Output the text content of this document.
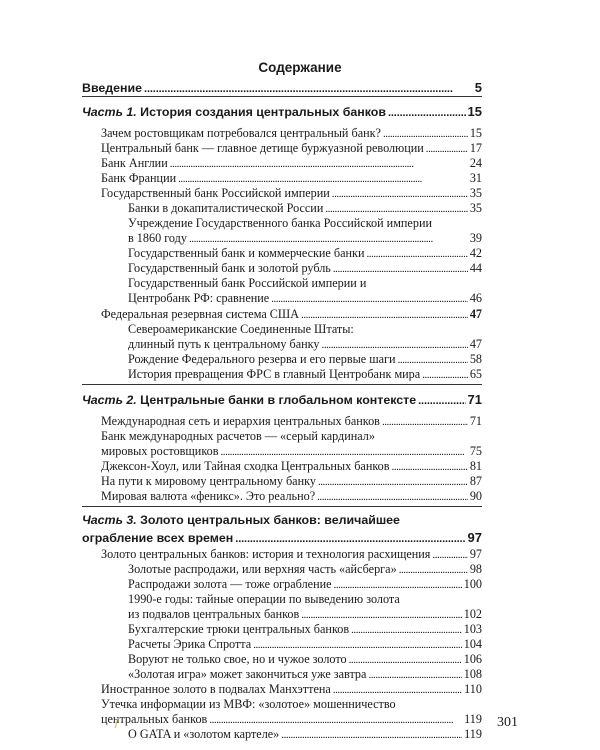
Содержание
Введение . . .	5
Часть 1. История создания центральных банков . . .	15
Зачем ростовщикам потребовался центральный банк? . . .	15
Центральный банк — главное детище буржуазной революции . . .	17
Банк Англии . . .	24
Банк Франции . . .	31
Государственный банк Российской империи . . .	35
Банки в докапиталистической России . . .	35
Учреждение Государственного банка Российской империи
в 1860 году . . .	39
Государственный банк и коммерческие банки . . .	42
Государственный банк и золотой рубль . . .	44
Государственный банк Российской империи и
Центробанк РФ: сравнение . . .	46
Федеральная резервная система США . . .	47
Североамериканские Соединенные Штаты:
длинный путь к центральному банку . . .	47
Рождение Федерального резерва и его первые шаги . . .	58
История превращения ФРС в главный Центробанк мира . . .	65
Часть 2. Центральные банки в глобальном контексте . . .	71
Международная сеть и иерархия центральных банков . . .	71
Банк международных расчетов — «серый кардинал»
мировых ростовщиков . . .	75
Джексон-Хоул, или Тайная сходка Центральных банков . . .	81
На пути к мировому центральному банку . . .	87
Мировая валюта «феникс». Это реально? . . .	90
Часть 3. Золото центральных банков: величайшее
ограбление всех времен . . .	97
Золото центральных банков: история и технология расхищения . . .	97
Золотые распродажи, или верхняя часть «айсберга» . . .	98
Распродажи золота — тоже ограбление . . .	100
1990-е годы: тайные операции по выведению золота
из подвалов центральных банков . . .	102
Бухгалтерские трюки центральных банков . . .	103
Расчеты Эрика Спротта . . .	104
Воруют не только свое, но и чужое золото . . .	106
«Золотая игра» может закончиться уже завтра . . .	108
Иностранное золото в подвалах Манхэттена . . .	110
Утечка информации из МВФ: «золотое» мошенничество
центральных банков . . .	119
О GATA и «золотом картеле» . . .	119
301
